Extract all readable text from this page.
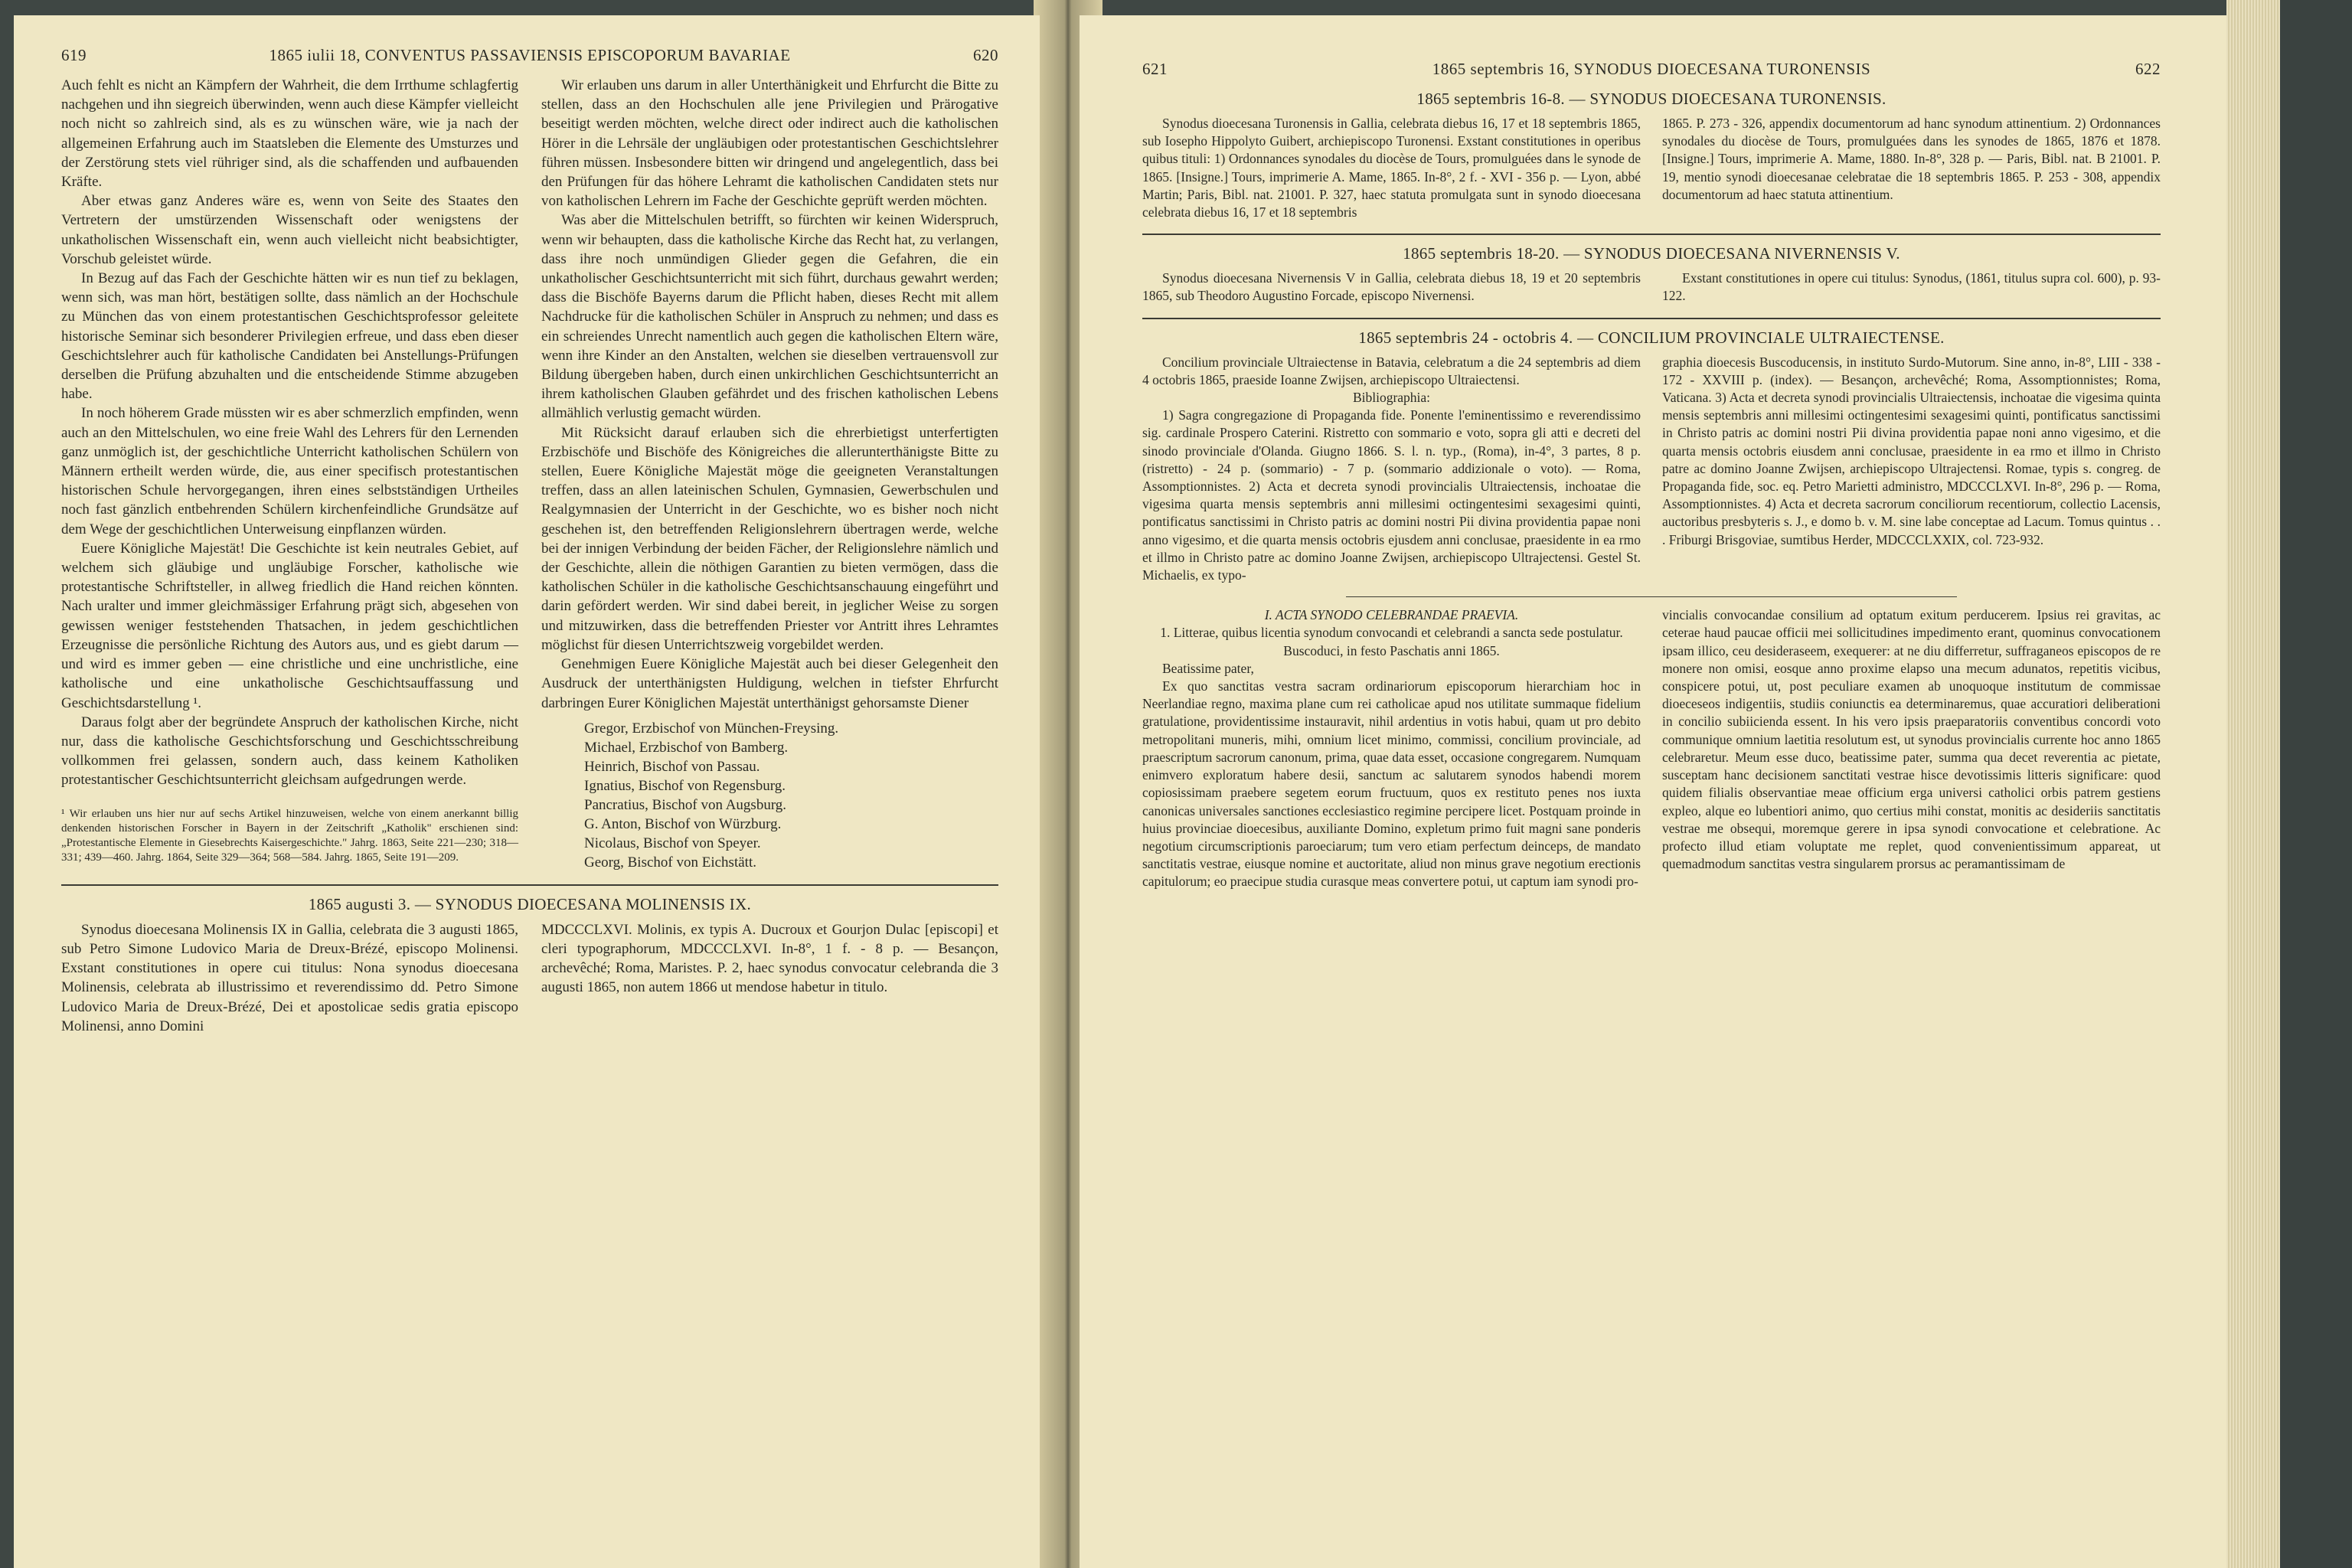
619	1865 iulii 18, CONVENTUS PASSAVIENSIS EPISCOPORUM BAVARIAE	620

Auch fehlt es nicht an Kämpfern der Wahrheit, die dem Irrthume schlagfertig nachgehen und ihn siegreich überwinden, wenn auch diese Kämpfer vielleicht noch nicht so zahlreich sind, als es zu wünschen wäre, wie ja nach der allgemeinen Erfahrung auch im Staatsleben die Elemente des Umsturzes und der Zerstörung stets viel rühriger sind, als die schaffenden und aufbauenden Kräfte.

Aber etwas ganz Anderes wäre es, wenn von Seite des Staates den Vertretern der umstürzenden Wissenschaft oder wenigstens der unkatholischen Wissenschaft ein, wenn auch vielleicht nicht beabsichtigter, Vorschub geleistet würde.

In Bezug auf das Fach der Geschichte hätten wir es nun tief zu beklagen, wenn sich, was man hört, bestätigen sollte, dass nämlich an der Hochschule zu München das von einem protestantischen Geschichtsprofessor geleitete historische Seminar sich besonderer Privilegien erfreue, und dass eben dieser Geschichtslehrer auch für katholische Candidaten bei Anstellungs-Prüfungen derselben die Prüfung abzuhalten und die entscheidende Stimme abzugeben habe.

In noch höherem Grade müssten wir es aber schmerzlich empfinden, wenn auch an den Mittelschulen, wo eine freie Wahl des Lehrers für den Lernenden ganz unmöglich ist, der geschichtliche Unterricht katholischen Schülern von Männern ertheilt werden würde, die, aus einer specifisch protestantischen historischen Schule hervorgegangen, ihren eines selbstständigen Urtheiles noch fast gänzlich entbehrenden Schülern kirchenfeindliche Grundsätze auf dem Wege der geschichtlichen Unterweisung einpflanzen würden.

Euere Königliche Majestät! Die Geschichte ist kein neutrales Gebiet, auf welchem sich gläubige und ungläubige Forscher, katholische wie protestantische Schriftsteller, in allweg friedlich die Hand reichen könnten. Nach uralter und immer gleichmässiger Erfahrung prägt sich, abgesehen von gewissen weniger feststehenden Thatsachen, in jedem geschichtlichen Erzeugnisse die persönliche Richtung des Autors aus, und es giebt darum — und wird es immer geben — eine christliche und eine unchristliche, eine katholische und eine unkatholische Geschichtsauffassung und Geschichtsdarstellung ¹.

Daraus folgt aber der begründete Anspruch der katholischen Kirche, nicht nur, dass die katholische Geschichtsforschung und Geschichtsschreibung vollkommen frei gelassen, sondern auch, dass keinem Katholiken protestantischer Geschichtsunterricht gleichsam aufgedrungen werde.

¹ Wir erlauben uns hier nur auf sechs Artikel hinzuweisen, welche von einem anerkannt billig denkenden historischen Forscher in Bayern in der Zeitschrift „Katholik" erschienen sind: „Protestantische Elemente in Giesebrechts Kaisergeschichte." Jahrg. 1863, Seite 221—230; 318—331; 439—460. Jahrg. 1864, Seite 329—364; 568—584. Jahrg. 1865, Seite 191—209.

Wir erlauben uns darum in aller Unterthänigkeit und Ehrfurcht die Bitte zu stellen, dass an den Hochschulen alle jene Privilegien und Prärogative beseitigt werden möchten, welche direct oder indirect auch die katholischen Hörer in die Lehrsäle der ungläubigen oder protestantischen Geschichtslehrer führen müssen. Insbesondere bitten wir dringend und angelegentlich, dass bei den Prüfungen für das höhere Lehramt die katholischen Candidaten stets nur von katholischen Lehrern im Fache der Geschichte geprüft werden möchten.

Was aber die Mittelschulen betrifft, so fürchten wir keinen Widerspruch, wenn wir behaupten, dass die katholische Kirche das Recht hat, zu verlangen, dass ihre noch unmündigen Glieder gegen die Gefahren, die ein unkatholischer Geschichtsunterricht mit sich führt, durchaus gewahrt werden; dass die Bischöfe Bayerns darum die Pflicht haben, dieses Recht mit allem Nachdrucke für die katholischen Schüler in Anspruch zu nehmen; und dass es ein schreiendes Unrecht namentlich auch gegen die katholischen Eltern wäre, wenn ihre Kinder an den Anstalten, welchen sie dieselben vertrauensvoll zur Bildung übergeben haben, durch einen unkirchlichen Geschichtsunterricht an ihrem katholischen Glauben gefährdet und des frischen katholischen Lebens allmählich verlustig gemacht würden.

Mit Rücksicht darauf erlauben sich die ehrerbietigst unterfertigten Erzbischöfe und Bischöfe des Königreiches die allerunterthänigste Bitte zu stellen, Euere Königliche Majestät möge die geeigneten Veranstaltungen treffen, dass an allen lateinischen Schulen, Gymnasien, Gewerbschulen und Realgymnasien der Unterricht in der Geschichte, wo es bisher noch nicht geschehen ist, den betreffenden Religionslehrern übertragen werde, welche bei der innigen Verbindung der beiden Fächer, der Religionslehre nämlich und der Geschichte, allein die nöthigen Garantien zu bieten vermögen, dass die katholischen Schüler in die katholische Geschichtsanschauung eingeführt und darin gefördert werden. Wir sind dabei bereit, in jeglicher Weise zu sorgen und mitzuwirken, dass die betreffenden Priester vor Antritt ihres Lehramtes möglichst für diesen Unterrichtszweig vorgebildet werden.

Genehmigen Euere Königliche Majestät auch bei dieser Gelegenheit den Ausdruck der unterthänigsten Huldigung, welchen in tiefster Ehrfurcht darbringen Eurer Königlichen Majestät unterthänigst gehorsamste Diener

Gregor, Erzbischof von München-Freysing.
Michael, Erzbischof von Bamberg.
Heinrich, Bischof von Passau.
Ignatius, Bischof von Regensburg.
Pancratius, Bischof von Augsburg.
G. Anton, Bischof von Würzburg.
Nicolaus, Bischof von Speyer.
Georg, Bischof von Eichstätt.
1865 augusti 3. — SYNODUS DIOECESANA MOLINENSIS IX.

Synodus dioecesana Molinensis IX in Gallia, celebrata die 3 augusti 1865, sub Petro Simone Ludovico Maria de Dreux-Brézé, episcopo Molinensi. Exstant constitutiones in opere cui titulus: Nona synodus dioecesana Molinensis, celebrata ab illustrissimo et reverendissimo dd. Petro Simone Ludovico Maria de Dreux-Brézé, Dei et apostolicae sedis gratia episcopo Molinensi, anno Domini

MDCCCLXVI. Molinis, ex typis A. Ducroux et Gourjon Dulac [episcopi] et cleri typographorum, MDCCCLXVI. In-8°, 1 f. - 8 p. — Besançon, archevêché; Roma, Maristes. P. 2, haec synodus convocatur celebranda die 3 augusti 1865, non autem 1866 ut mendose habetur in titulo.

621	1865 septembris 16, SYNODUS DIOECESANA TURONENSIS	622
1865 septembris 16-8. — SYNODUS DIOECESANA TURONENSIS.

Synodus dioecesana Turonensis in Gallia, celebrata diebus 16, 17 et 18 septembris 1865, sub Iosepho Hippolyto Guibert, archiepiscopo Turonensi. Exstant constitutiones in operibus quibus tituli: 1) Ordonnances synodales du diocèse de Tours, promulguées dans le synode de 1865. [Insigne.] Tours, imprimerie A. Mame, 1865. In-8°, 2 f. - XVI - 356 p. — Lyon, abbé Martin; Paris, Bibl. nat. 21001. P. 327, haec statuta promulgata sunt in synodo dioecesana celebrata diebus 16, 17 et 18 septembris

1865. P. 273 - 326, appendix documentorum ad hanc synodum attinentium. 2) Ordonnances synodales du diocèse de Tours, promulguées dans les synodes de 1865, 1876 et 1878. [Insigne.] Tours, imprimerie A. Mame, 1880. In-8°, 328 p. — Paris, Bibl. nat. B 21001. P. 19, mentio synodi dioecesanae celebratae die 18 septembris 1865. P. 253 - 308, appendix documentorum ad haec statuta attinentium.

1865 septembris 18-20. — SYNODUS DIOECESANA NIVERNENSIS V.

Synodus dioecesana Nivernensis V in Gallia, celebrata diebus 18, 19 et 20 septembris 1865, sub Theodoro Augustino Forcade, episcopo Nivernensi.

Exstant constitutiones in opere cui titulus: Synodus, (1861, titulus supra col. 600), p. 93-122.

1865 septembris 24 - octobris 4. — CONCILIUM PROVINCIALE ULTRAIECTENSE.

Concilium provinciale Ultraiectense in Batavia, celebratum a die 24 septembris ad diem 4 octobris 1865, praeside Ioanne Zwijsen, archiepiscopo Ultraiectensi.

Bibliographia:

1) Sagra congregazione di Propaganda fide. Ponente l'eminentissimo e reverendissimo sig. cardinale Prospero Caterini. Ristretto con sommario e voto, sopra gli atti e decreti del sinodo provinciale d'Olanda. Giugno 1866. S. l. n. typ., (Roma), in-4°, 3 partes, 8 p. (ristretto) - 24 p. (sommario) - 7 p. (sommario addizionale o voto). — Roma, Assomptionnistes. 2) Acta et decreta synodi provincialis Ultraiectensis, inchoatae die vigesima quarta mensis septembris anni millesimi octingentesimi sexagesimi quinti, pontificatus sanctissimi in Christo patris ac domini nostri Pii divina providentia papae noni anno vigesimo, et die quarta mensis octobris ejusdem anni conclusae, praesidente in ea rmo et illmo in Christo patre ac domino Joanne Zwijsen, archiepiscopo Ultrajectensi. Gestel St. Michaelis, ex typo-

graphia dioecesis Buscoducensis, in instituto Surdo-Mutorum. Sine anno, in-8°, LIII - 338 - 172 - XXVIII p. (index). — Besançon, archevêché; Roma, Assomptionnistes; Roma, Vaticana. 3) Acta et decreta synodi provincialis Ultraiectensis, inchoatae die vigesima quinta mensis septembris anni millesimi octingentesimi sexagesimi quinti, pontificatus sanctissimi in Christo patris ac domini nostri Pii divina providentia papae noni anno vigesimo, et die quarta mensis octobris eiusdem anni conclusae, praesidente in ea rmo et illmo in Christo patre ac domino Joanne Zwijsen, archiepiscopo Ultrajectensi. Romae, typis s. congreg. de Propaganda fide, soc. eq. Petro Marietti administro, MDCCCLXVI. In-8°, 296 p. — Roma, Assomptionnistes. 4) Acta et decreta sacrorum conciliorum recentiorum, collectio Lacensis, auctoribus presbyteris s. J., e domo b. v. M. sine labe conceptae ad Lacum. Tomus quintus . . . Friburgi Brisgoviae, sumtibus Herder, MDCCCLXXIX, col. 723-932.

I. ACTA SYNODO CELEBRANDAE PRAEVIA.

1. Litterae, quibus licentia synodum convocandi et celebrandi a sancta sede postulatur.

Buscoduci, in festo Paschatis anni 1865.

Beatissime pater,

Ex quo sanctitas vestra sacram ordinariorum episcoporum hierarchiam hoc in Neerlandiae regno, maxima plane cum rei catholicae apud nos utilitate summaque fidelium gratulatione, providentissime instauravit, nihil ardentius in votis habui, quam ut pro debito metropolitani muneris, mihi, omnium licet minimo, commissi, concilium provinciale, ad praescriptum sacrorum canonum, prima, quae data esset, occasione congregarem. Numquam enimvero exploratum habere desii, sanctum ac salutarem synodos habendi morem copiosissimam praebere segetem eorum fructuum, quos ex restituto penes nos iuxta canonicas universales sanctiones ecclesiastico regimine percipere licet. Postquam proinde in huius provinciae dioecesibus, auxiliante Domino, expletum primo fuit magni sane ponderis negotium circumscriptionis paroeciarum; tum vero etiam perfectum deinceps, de mandato sanctitatis vestrae, eiusque nomine et auctoritate, aliud non minus grave negotium erectionis capitulorum; eo praecipue studia curasque meas convertere potui, ut captum iam synodi pro-

vincialis convocandae consilium ad optatum exitum perducerem. Ipsius rei gravitas, ac ceterae haud paucae officii mei sollicitudines impedimento erant, quominus convocationem ipsam illico, ceu desideraseem, exequerer: at ne diu differretur, suffraganeos episcopos de re monere non omisi, eosque anno proxime elapso una mecum adunatos, repetitis vicibus, conspicere potui, ut, post peculiare examen ab unoquoque institutum de commissae dioeceseos indigentiis, studiis coniunctis ea determinaremus, quae accuratiori deliberationi in concilio subiicienda essent. In his vero ipsis praeparatoriis conventibus concordi voto communique omnium laetitia resolutum est, ut synodus provincialis currente hoc anno 1865 celebraretur. Meum esse duco, beatissime pater, summa qua decet reverentia ac pietate, susceptam hanc decisionem sanctitati vestrae hisce devotissimis litteris significare: quod quidem filialis observantiae meae officium erga universi catholici orbis patrem gestiens expleo, alque eo lubentiori animo, quo certius mihi constat, monitis ac desideriis sanctitatis vestrae me obsequi, moremque gerere in ipsa synodi convocatione et celebratione. Ac profecto illud etiam voluptate me replet, quod convenientissimum appareat, ut quemadmodum sanctitas vestra singularem prorsus ac peramantissimam de
